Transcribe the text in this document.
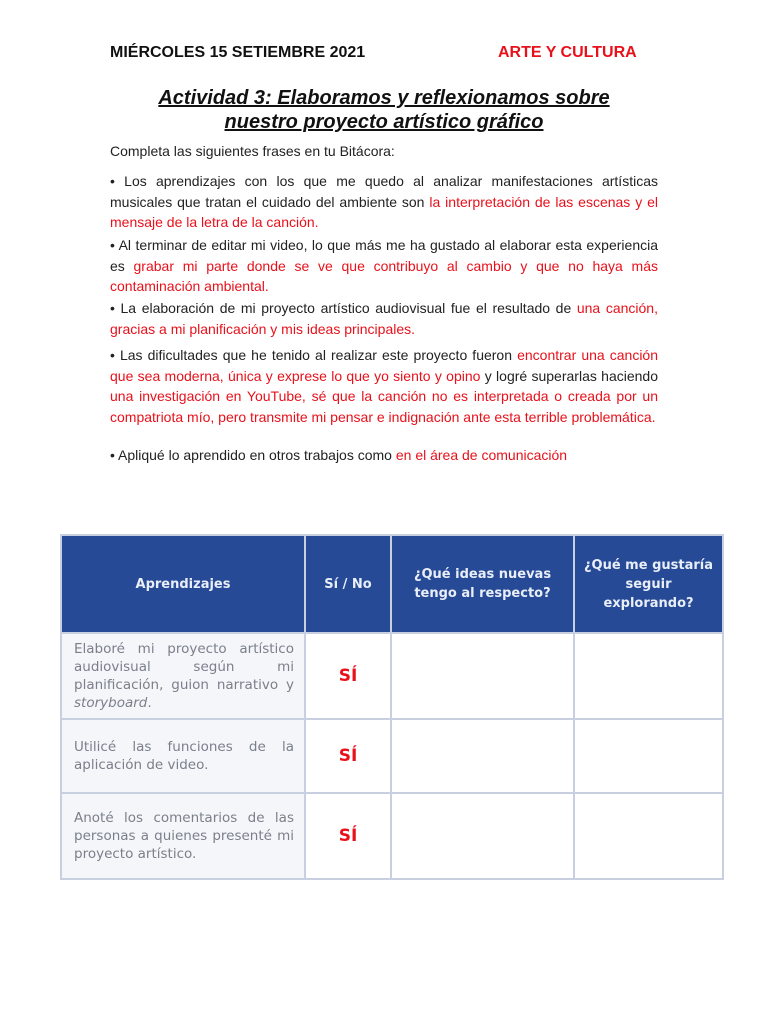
MIÉRCOLES 15 SETIEMBRE 2021	ARTE Y CULTURA
Actividad 3: Elaboramos y reflexionamos sobre
nuestro proyecto artístico gráfico
Completa las siguientes frases en tu Bitácora:
• Los aprendizajes con los que me quedo al analizar manifestaciones artísticas musicales que tratan el cuidado del ambiente son la interpretación de las escenas y el mensaje de la letra de la canción.
• Al terminar de editar mi video, lo que más me ha gustado al elaborar esta experiencia es grabar mi parte donde se ve que contribuyo al cambio y que no haya más contaminación ambiental.
• La elaboración de mi proyecto artístico audiovisual fue el resultado de una canción, gracias a mi planificación y mis ideas principales.
• Las dificultades que he tenido al realizar este proyecto fueron encontrar una canción que sea moderna, única y exprese lo que yo siento y opino y logré superarlas haciendo una investigación en YouTube, sé que la canción no es interpretada o creada por un compatriota mío, pero transmite mi pensar e indignación ante esta terrible problemática.
• Apliqué lo aprendido en otros trabajos como en el área de comunicación
Aprendizajes	Sí / No	¿Qué ideas nuevas tengo al respecto?	¿Qué me gustaría seguir explorando?
Elaboré mi proyecto artístico audiovisual según mi planificación, guion narrativo y storyboard.	SÍ		
Utilicé las funciones de la aplicación de video.	SÍ		
Anoté los comentarios de las personas a quienes presenté mi proyecto artístico.	SÍ		
